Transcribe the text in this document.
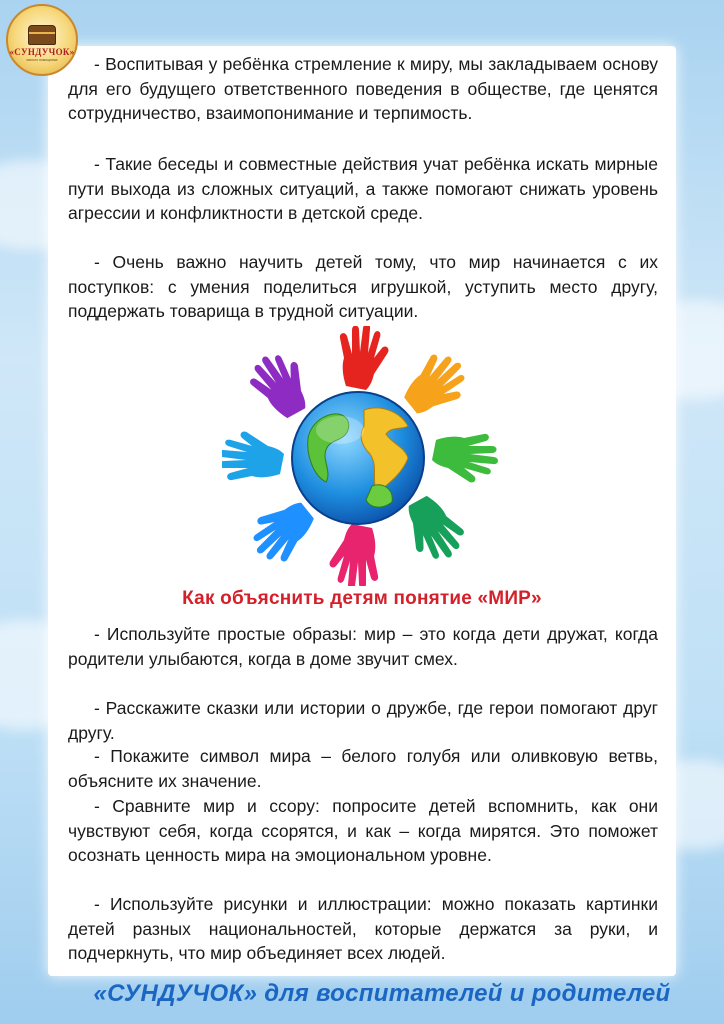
«СУНДУЧОК»
малого помощника	- Воспитывая у ребёнка стремление к миру, мы закладываем основу для его будущего ответственного поведения в обществе, где ценятся сотрудничество, взаимопонимание и терпимость.

- Такие беседы и совместные действия учат ребёнка искать мирные пути выхода из сложных ситуаций, а также помогают снижать уровень агрессии и конфликтности в детской среде.

- Очень важно научить детей тому, что мир начинается с их поступков: с умения поделиться игрушкой, уступить место другу, поддержать товарища в трудной ситуации.

Как объяснить детям понятие «МИР»

- Используйте простые образы: мир – это когда дети дружат, когда родители улыбаются, когда в доме звучит смех.

- Расскажите сказки или истории о дружбе, где герои помогают друг другу.

- Покажите символ мира – белого голубя или оливковую ветвь, объясните их значение.

- Сравните мир и ссору: попросите детей вспомнить, как они чувствуют себя, когда ссорятся, и как – когда мирятся. Это поможет осознать ценность мира на эмоциональном уровне.

- Используйте рисунки и иллюстрации: можно показать картинки детей разных национальностей, которые держатся за руки, и подчеркнуть, что мир объединяет всех людей.

«СУНДУЧОК» для воспитателей и родителей
